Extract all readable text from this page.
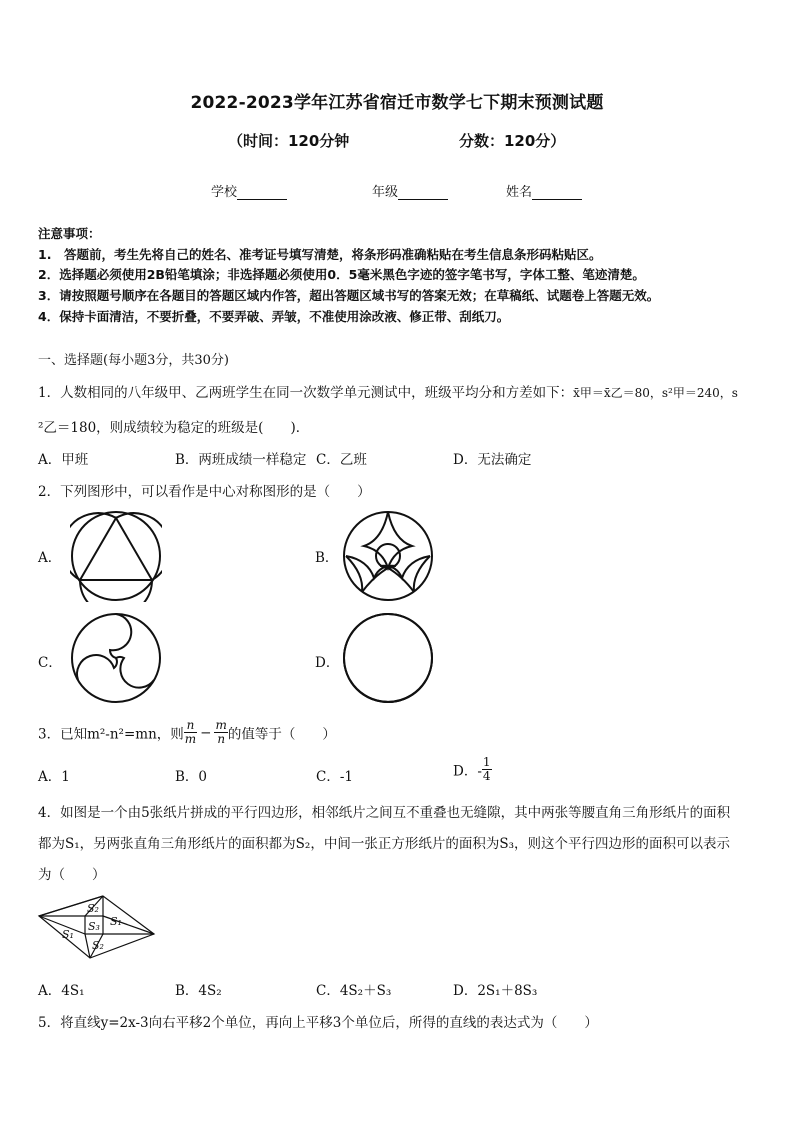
2022-2023学年江苏省宿迁市数学七下期末预测试题
（时间：120分钟	分数：120分）
学校	年级	姓名
注意事项：
1.　答题前，考生先将自己的姓名、准考证号填写清楚，将条形码准确粘贴在考生信息条形码粘贴区。
2．选择题必须使用2B铅笔填涂；非选择题必须使用0．5毫米黑色字迹的签字笔书写，字体工整、笔迹清楚。
3．请按照题号顺序在各题目的答题区域内作答，超出答题区域书写的答案无效；在草稿纸、试题卷上答题无效。
4．保持卡面清洁，不要折叠，不要弄破、弄皱，不准使用涂改液、修正带、刮纸刀。
一、选择题(每小题3分，共30分)
1．人数相同的八年级甲、乙两班学生在同一次数学单元测试中，班级平均分和方差如下：x̄甲＝x̄乙＝80，s²甲＝240，s
²乙＝180，则成绩较为稳定的班级是(　　)．
A．甲班	B．两班成绩一样稳定 C．乙班	D．无法确定
2．下列图形中，可以看作是中心对称图形的是（　　）
A．	B．
C．	D．
3．已知m²-n²=mn，则 $\frac{n}{m} - \frac{m}{n}$ 的值等于（　　）
A．1	B．0	C．-1	D．- $\frac{1}{4}$
4．如图是一个由5张纸片拼成的平行四边形，相邻纸片之间互不重叠也无缝隙，其中两张等腰直角三角形纸片的面积
都为S₁，另两张直角三角形纸片的面积都为S₂，中间一张正方形纸片的面积为S₃，则这个平行四边形的面积可以表示
为（　　）
S₂
S₁
S₃
S₁
S₂
A．4S₁	B．4S₂	C．4S₂＋S₃	D．2S₁＋8S₃
5．将直线y=2x-3向右平移2个单位，再向上平移3个单位后，所得的直线的表达式为（　　）
